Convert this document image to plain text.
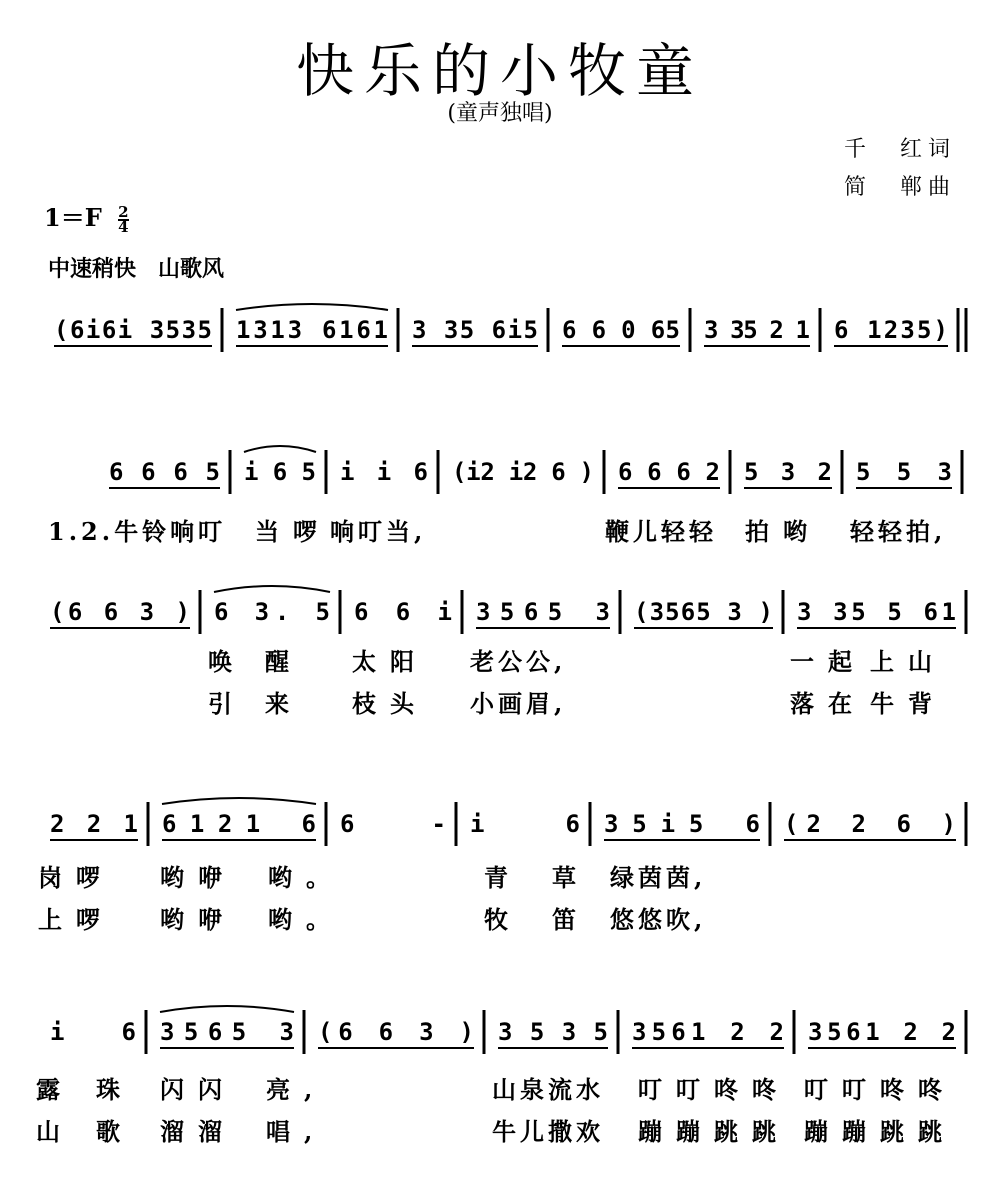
快乐的小牧童
(童声独唱)
千　红词
简　郸曲
$1=F \frac{2}{4}$
中速稍快　山歌风
(6i6i 3535 1313 6161 3 35 6i5 6 6 0 65 3 35 2 1 6 1235)
6 6 6 5 i 6 5 i i 6 (i2 i2 6 ) 6 6 6 2 5 3 2 5 5 3
1.2.牛铃响叮 当啰 响叮当,	鞭儿轻轻 拍哟 轻轻拍,
(6 6 3 ) 6 3. 5 6 6 i 3565 3 (3565 3 ) 3 35 5 61
唤 醒 太阳 老公公,	一起 上山
引 来 枝头 小画眉,	落在 牛背
2 2 1 6121 6 6 - i 6 35i5 6 (2 2 6 )
岗啰 哟咿 哟。	青 草 绿茵茵,
上啰 哟咿 哟。	牧 笛 悠悠吹,
i 6 3565 3 (6 6 3 ) 3 5 3 5 3561 2 2 3561 2 2
露 珠 闪闪 亮,	山泉流水 叮叮 咚咚 叮叮 咚咚
山 歌 溜溜 唱,	牛儿撒欢 蹦蹦 跳跳 蹦蹦 跳跳
